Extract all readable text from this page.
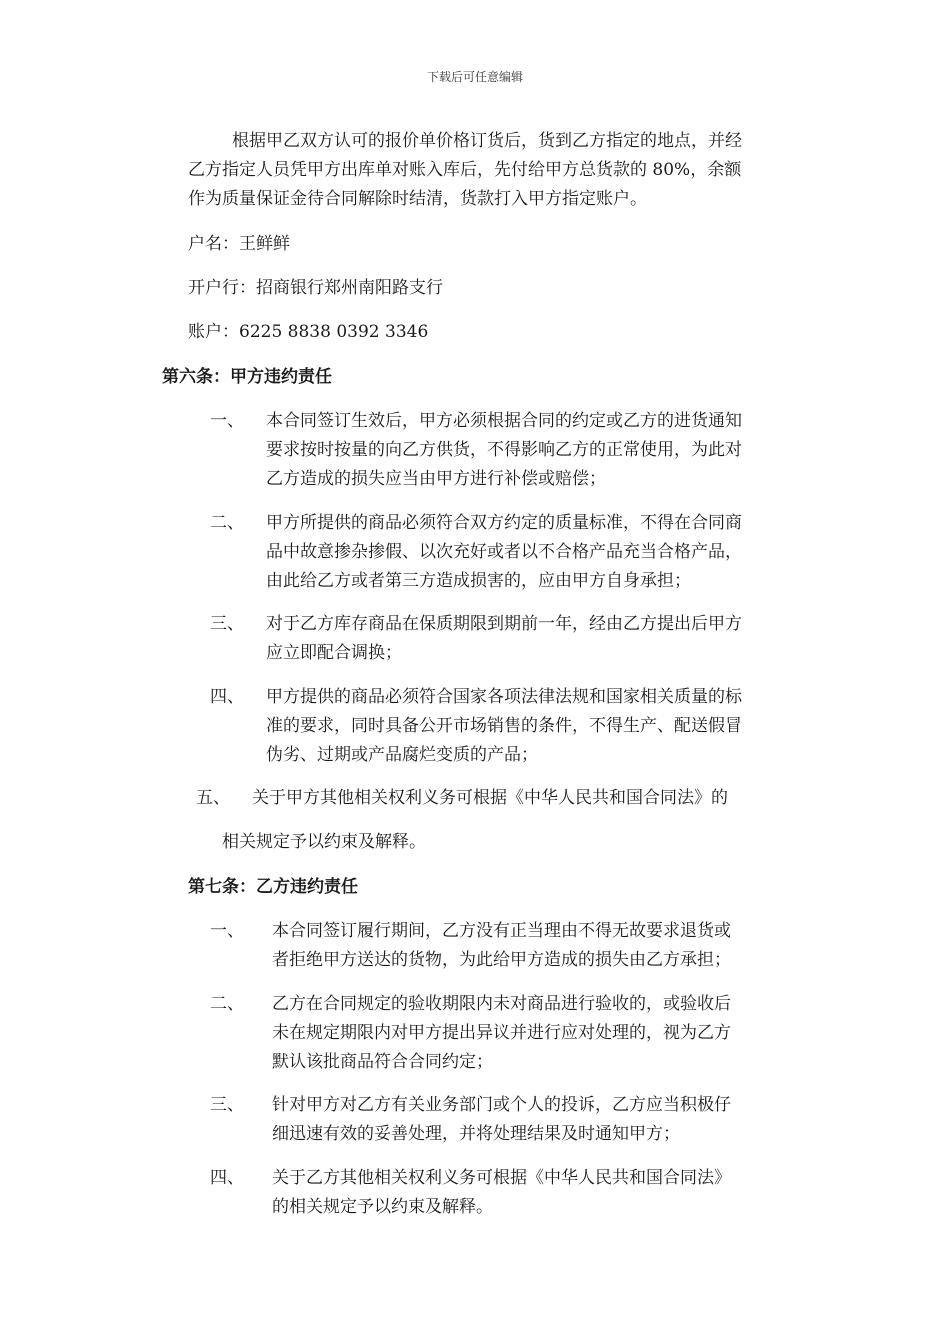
下载后可任意编辑
根据甲乙双方认可的报价单价格订货后，货到乙方指定的地点，并经
乙方指定人员凭甲方出库单对账入库后，先付给甲方总货款的 80%，余额
作为质量保证金待合同解除时结清，货款打入甲方指定账户。
户名：王鲜鲜
开户行：招商银行郑州南阳路支行
账户：6225 8838 0392 3346
第六条：甲方违约责任
一、 本合同签订生效后，甲方必须根据合同的约定或乙方的进货通知
要求按时按量的向乙方供货，不得影响乙方的正常使用，为此对
乙方造成的损失应当由甲方进行补偿或赔偿；
二、 甲方所提供的商品必须符合双方约定的质量标准，不得在合同商
品中故意掺杂掺假、以次充好或者以不合格产品充当合格产品，
由此给乙方或者第三方造成损害的，应由甲方自身承担；
三、 对于乙方库存商品在保质期限到期前一年，经由乙方提出后甲方
应立即配合调换；
四、 甲方提供的商品必须符合国家各项法律法规和国家相关质量的标
准的要求，同时具备公开市场销售的条件，不得生产、配送假冒
伪劣、过期或产品腐烂变质的产品；
五、 关于甲方其他相关权利义务可根据《中华人民共和国合同法》的
相关规定予以约束及解释。
第七条：乙方违约责任
一、 本合同签订履行期间，乙方没有正当理由不得无故要求退货或
者拒绝甲方送达的货物，为此给甲方造成的损失由乙方承担；
二、 乙方在合同规定的验收期限内未对商品进行验收的，或验收后
未在规定期限内对甲方提出异议并进行应对处理的，视为乙方
默认该批商品符合合同约定；
三、 针对甲方对乙方有关业务部门或个人的投诉，乙方应当积极仔
细迅速有效的妥善处理，并将处理结果及时通知甲方；
四、 关于乙方其他相关权利义务可根据《中华人民共和国合同法》
的相关规定予以约束及解释。
